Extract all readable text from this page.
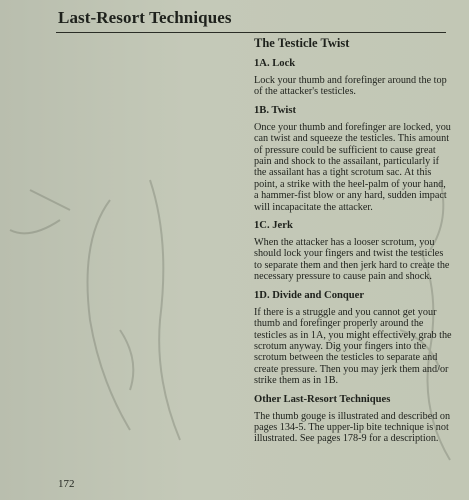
Last-Resort Techniques
The Testicle Twist
1A. Lock

Lock your thumb and forefinger around the top of the attacker's testicles.

1B. Twist

Once your thumb and forefinger are locked, you can twist and squeeze the testicles. This amount of pressure could be sufficient to cause great pain and shock to the assailant, particularly if the assailant has a tight scrotum sac. At this point, a strike with the heel-palm of your hand, a hammer-fist blow or any hard, sudden impact will incapacitate the attacker.

1C. Jerk

When the attacker has a looser scrotum, you should lock your fingers and twist the testicles to separate them and then jerk hard to create the necessary pressure to cause pain and shock.

1D. Divide and Conquer

If there is a struggle and you cannot get your thumb and forefinger properly around the testicles as in 1A, you might effectively grab the scrotum anyway. Dig your fingers into the scrotum between the testicles to separate and create pressure. Then you may jerk them and/or strike them as in 1B.

Other Last-Resort Techniques

The thumb gouge is illustrated and described on pages 134-5. The upper-lip bite technique is not illustrated. See pages 178-9 for a description.

172
